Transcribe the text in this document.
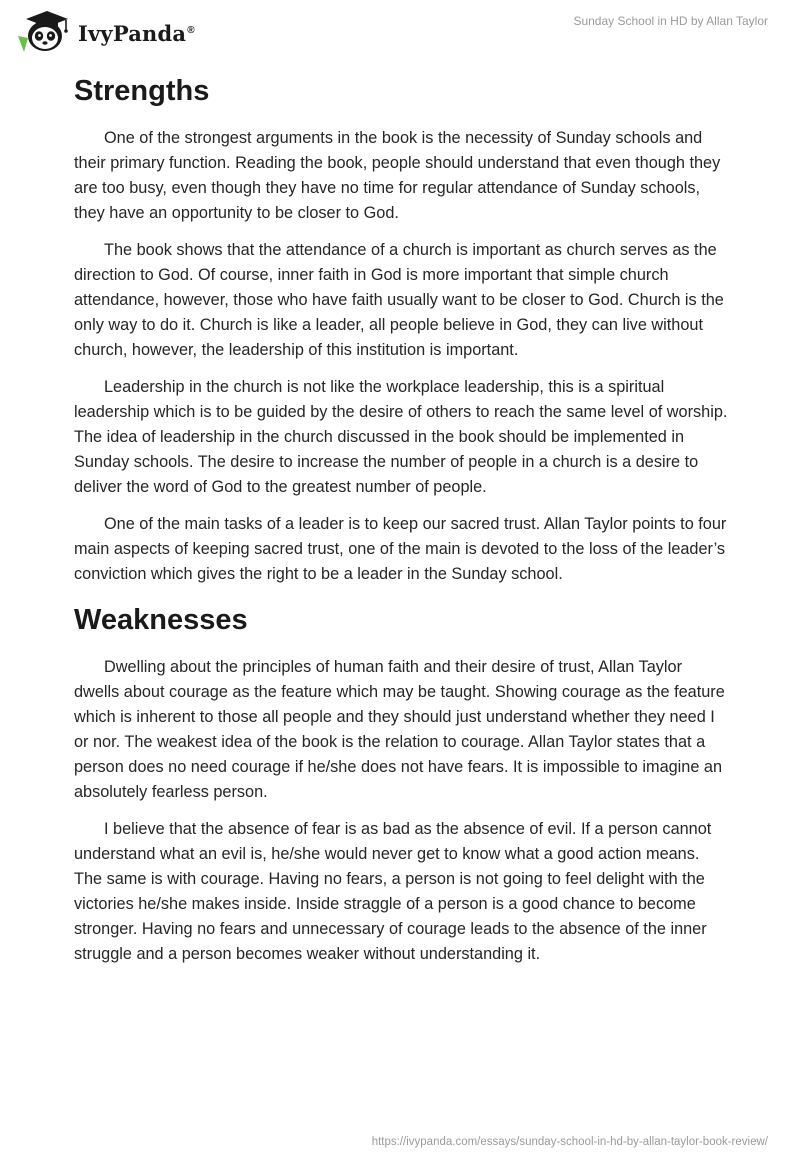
IvyPanda®
Sunday School in HD by Allan Taylor
Strengths

One of the strongest arguments in the book is the necessity of Sunday schools and their primary function. Reading the book, people should understand that even though they are too busy, even though they have no time for regular attendance of Sunday schools, they have an opportunity to be closer to God.

The book shows that the attendance of a church is important as church serves as the direction to God. Of course, inner faith in God is more important that simple church attendance, however, those who have faith usually want to be closer to God. Church is the only way to do it. Church is like a leader, all people believe in God, they can live without church, however, the leadership of this institution is important.

Leadership in the church is not like the workplace leadership, this is a spiritual leadership which is to be guided by the desire of others to reach the same level of worship. The idea of leadership in the church discussed in the book should be implemented in Sunday schools. The desire to increase the number of people in a church is a desire to deliver the word of God to the greatest number of people.

One of the main tasks of a leader is to keep our sacred trust. Allan Taylor points to four main aspects of keeping sacred trust, one of the main is devoted to the loss of the leader’s conviction which gives the right to be a leader in the Sunday school.

Weaknesses

Dwelling about the principles of human faith and their desire of trust, Allan Taylor dwells about courage as the feature which may be taught. Showing courage as the feature which is inherent to those all people and they should just understand whether they need I or nor. The weakest idea of the book is the relation to courage. Allan Taylor states that a person does no need courage if he/she does not have fears. It is impossible to imagine an absolutely fearless person.

I believe that the absence of fear is as bad as the absence of evil. If a person cannot understand what an evil is, he/she would never get to know what a good action means. The same is with courage. Having no fears, a person is not going to feel delight with the victories he/she makes inside. Inside straggle of a person is a good chance to become stronger. Having no fears and unnecessary of courage leads to the absence of the inner struggle and a person becomes weaker without understanding it.

https://ivypanda.com/essays/sunday-school-in-hd-by-allan-taylor-book-review/
